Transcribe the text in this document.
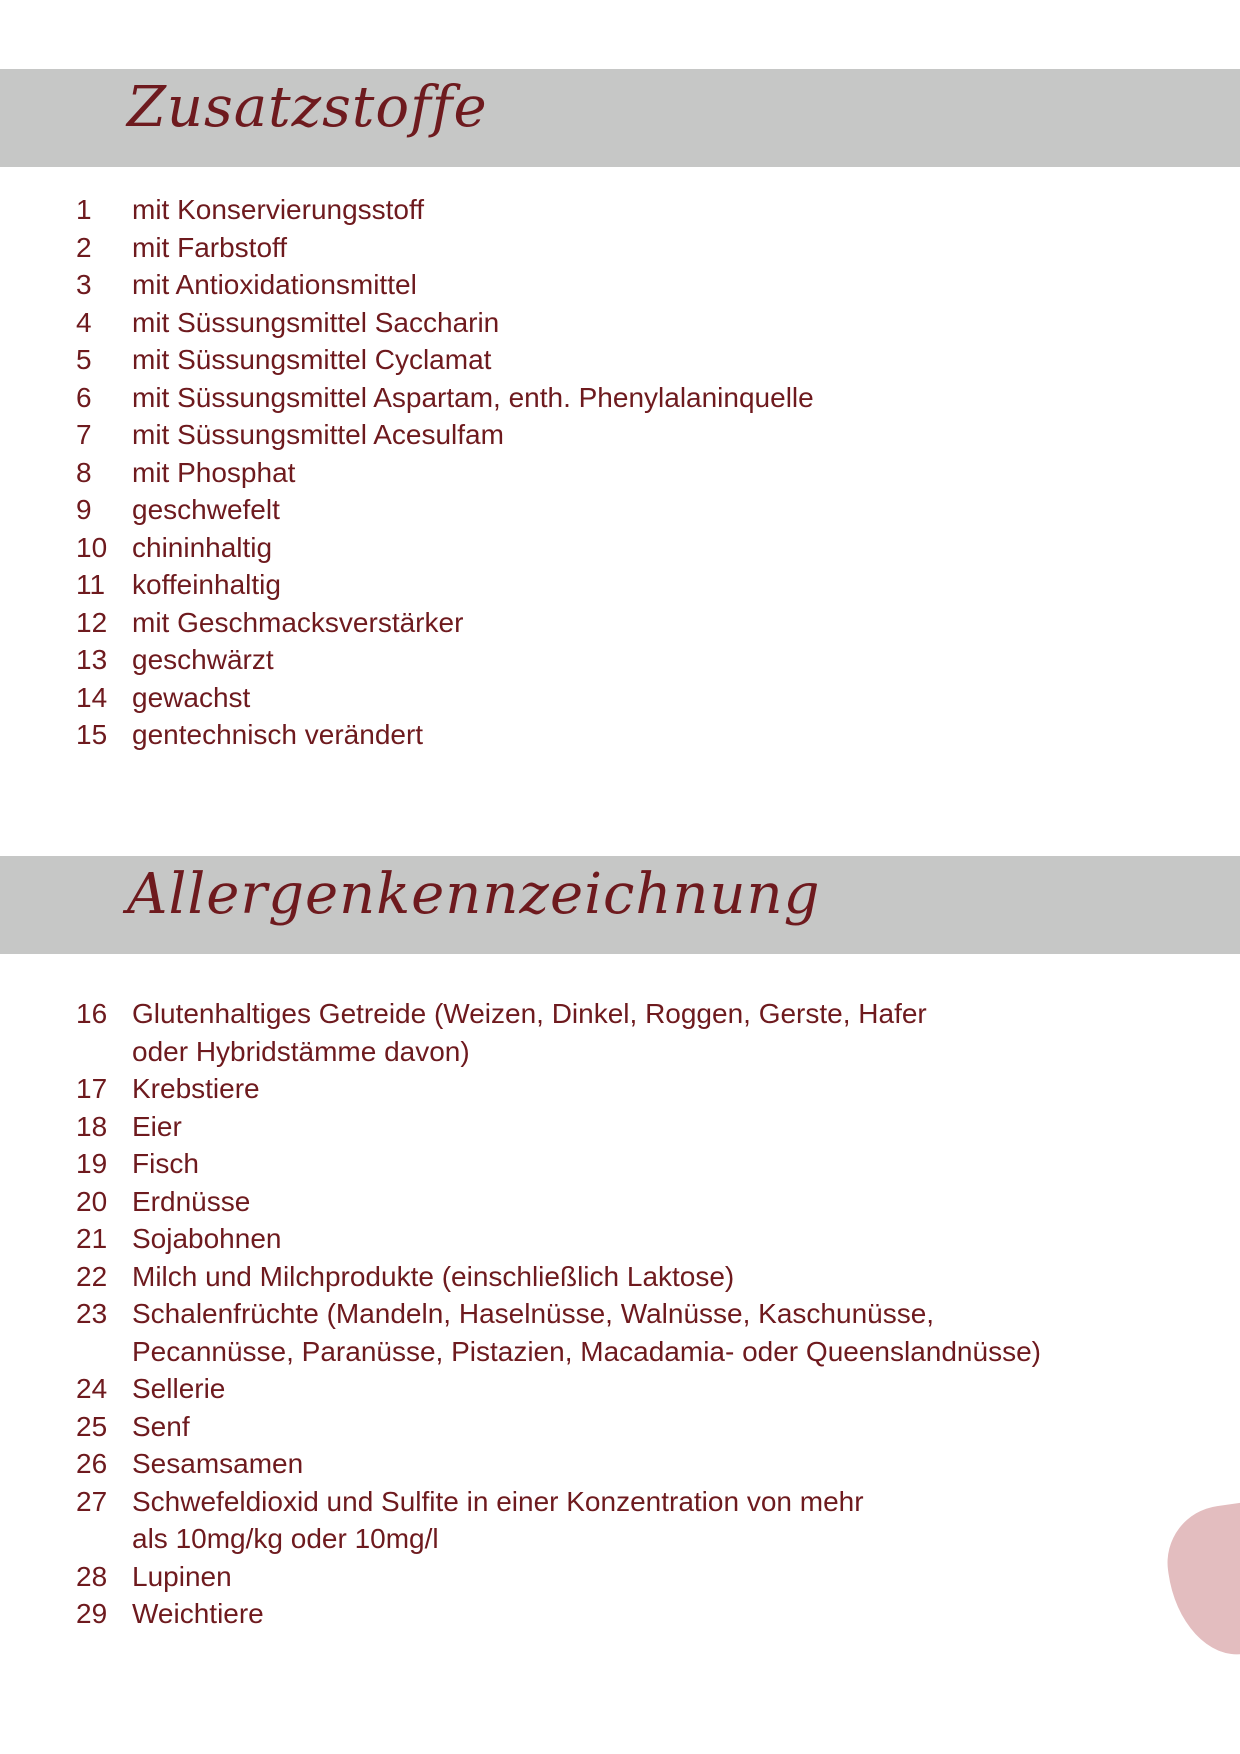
Zusatzstoffe
1 mit Konservierungsstoff
2 mit Farbstoff
3 mit Antioxidationsmittel
4 mit Süssungsmittel Saccharin
5 mit Süssungsmittel Cyclamat
6 mit Süssungsmittel Aspartam, enth. Phenylalaninquelle
7 mit Süssungsmittel Acesulfam
8 mit Phosphat
9 geschwefelt
10 chininhaltig
11 koffeinhaltig
12 mit Geschmacksverstärker
13 geschwärzt
14 gewachst
15 gentechnisch verändert
Allergenkennzeichnung
16 Glutenhaltiges Getreide (Weizen, Dinkel, Roggen, Gerste, Hafer
oder Hybridstämme davon)
17 Krebstiere
18 Eier
19 Fisch
20 Erdnüsse
21 Sojabohnen
22 Milch und Milchprodukte (einschließlich Laktose)
23 Schalenfrüchte (Mandeln, Haselnüsse, Walnüsse, Kaschunüsse,
Pecannüsse, Paranüsse, Pistazien, Macadamia- oder Queenslandnüsse)
24 Sellerie
25 Senf
26 Sesamsamen
27 Schwefeldioxid und Sulfite in einer Konzentration von mehr
als 10mg/kg oder 10mg/l
28 Lupinen
29 Weichtiere
